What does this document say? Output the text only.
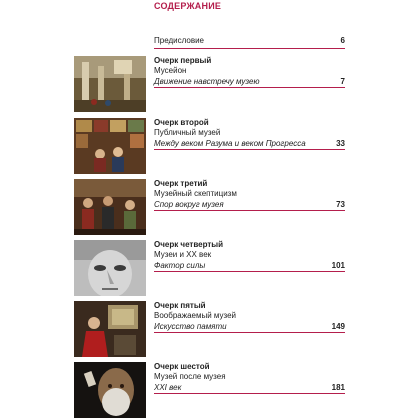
СОДЕРЖАНИЕ
Предисловие	6
Очерк первый
Мусейон
Движение навстречу музею	7
Очерк второй
Публичный музей
Между веком Разума и веком Прогресса	33
Очерк третий
Музейный скептицизм
Спор вокруг музея	73
Очерк четвертый
Музеи и XX век
Фактор силы	101
Очерк пятый
Воображаемый музей
Искусство памяти	149
Очерк шестой
Музей после музея
XXI век	181
